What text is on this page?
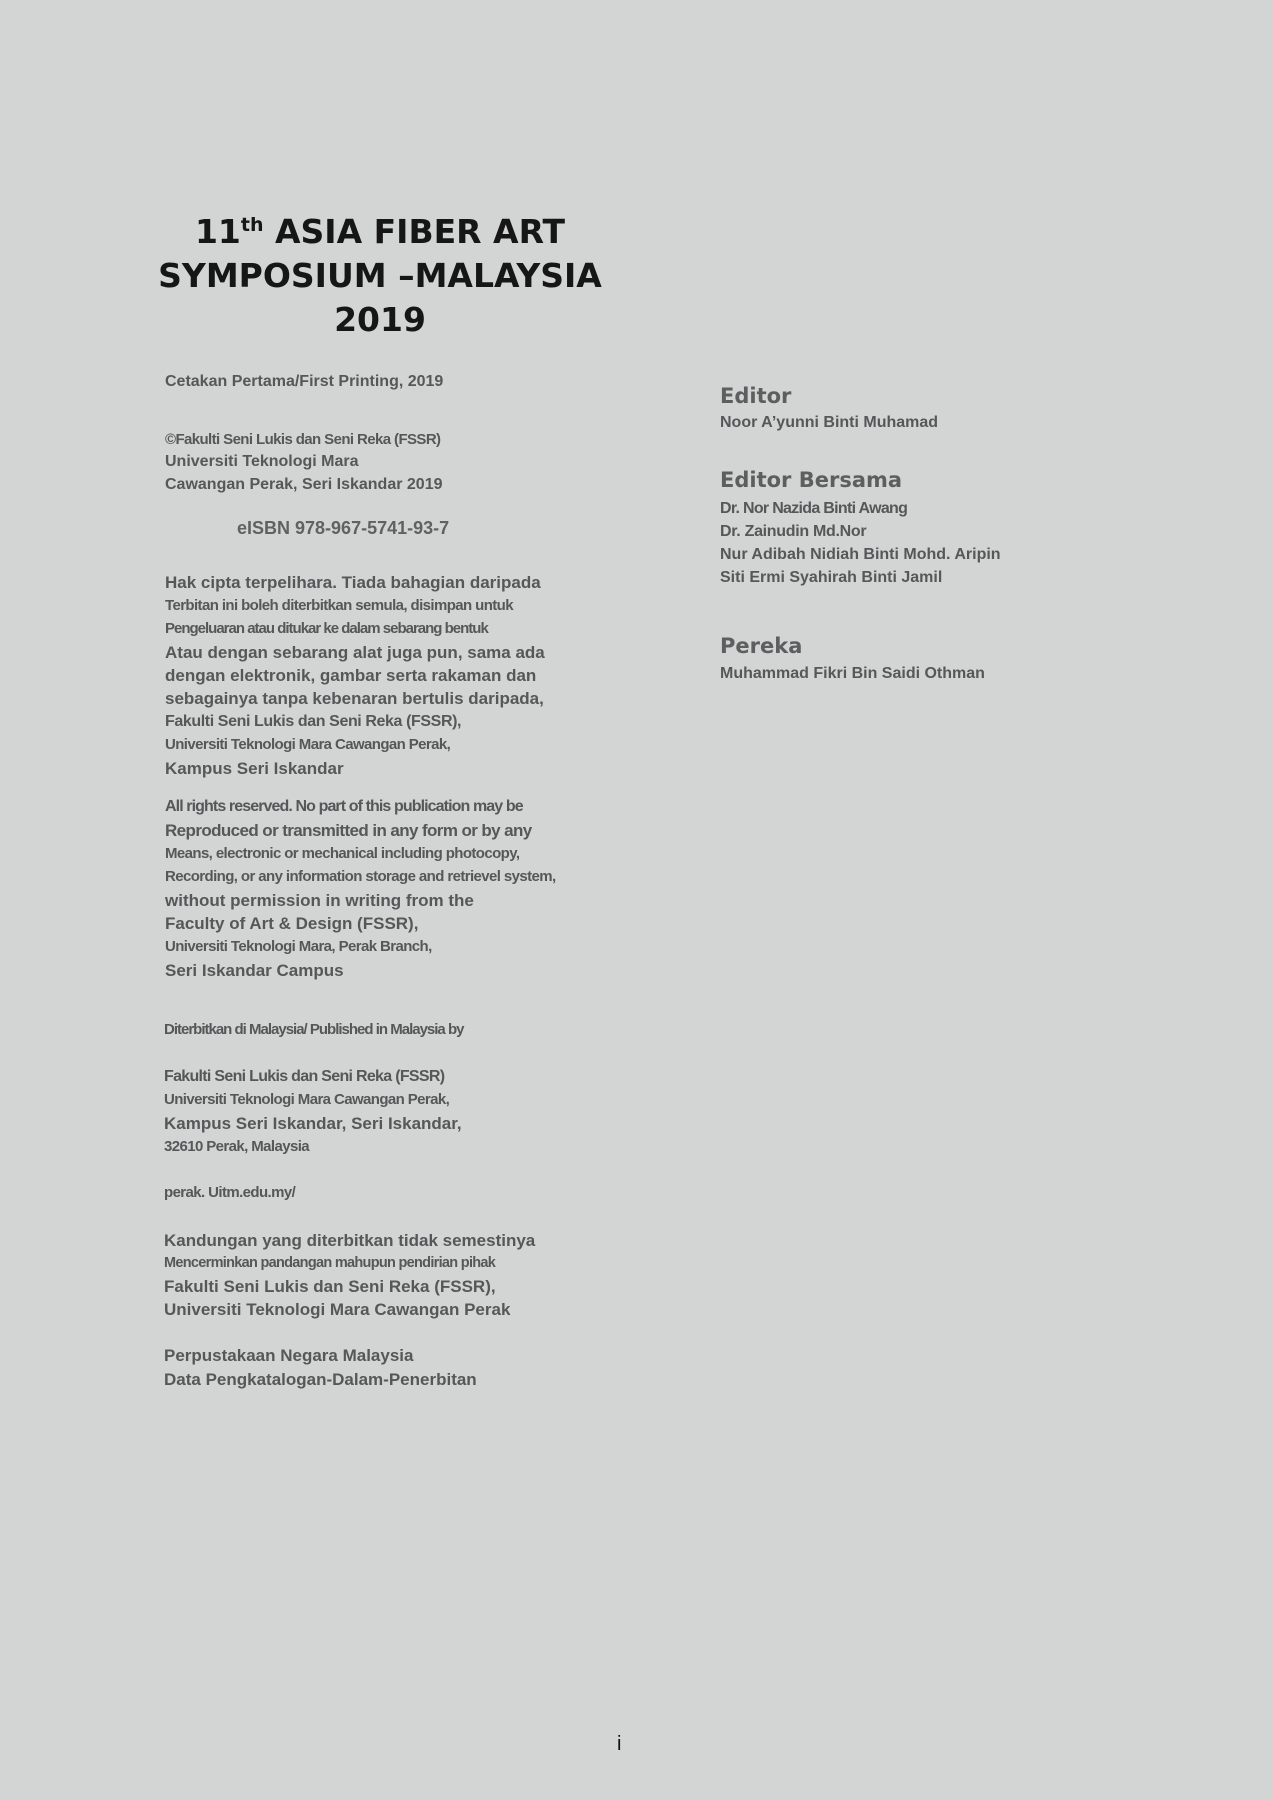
11th ASIA FIBER ART
SYMPOSIUM –MALAYSIA
2019
Cetakan Pertama/First Printing, 2019
©Fakulti Seni Lukis dan Seni Reka (FSSR)
Universiti Teknologi Mara
Cawangan Perak, Seri Iskandar 2019
eISBN 978-967-5741-93-7
Hak cipta terpelihara. Tiada bahagian daripada
Terbitan ini boleh diterbitkan semula, disimpan untuk
Pengeluaran atau ditukar ke dalam sebarang bentuk
Atau dengan sebarang alat juga pun, sama ada
dengan elektronik, gambar serta rakaman dan
sebagainya tanpa kebenaran bertulis daripada,
Fakulti Seni Lukis dan Seni Reka (FSSR),
Universiti Teknologi Mara Cawangan Perak,
Kampus Seri Iskandar
All rights reserved. No part of this publication may be
Reproduced or transmitted in any form or by any
Means, electronic or mechanical including photocopy,
Recording, or any information storage and retrievel system,
without permission in writing from the
Faculty of Art & Design (FSSR),
Universiti Teknologi Mara, Perak Branch,
Seri Iskandar Campus
Diterbitkan di Malaysia/ Published in Malaysia by
Fakulti Seni Lukis dan Seni Reka (FSSR)
Universiti Teknologi Mara Cawangan Perak,
Kampus Seri Iskandar, Seri Iskandar,
32610 Perak, Malaysia
perak. Uitm.edu.my/
Kandungan yang diterbitkan tidak semestinya
Mencerminkan pandangan mahupun pendirian pihak
Fakulti Seni Lukis dan Seni Reka (FSSR),
Universiti Teknologi Mara Cawangan Perak
Perpustakaan Negara Malaysia
Data Pengkatalogan-Dalam-Penerbitan
Editor
Noor A’yunni Binti Muhamad
Editor Bersama
Dr. Nor Nazida Binti Awang
Dr. Zainudin Md.Nor
Nur Adibah Nidiah Binti Mohd. Aripin
Siti Ermi Syahirah Binti Jamil
Pereka
Muhammad Fikri Bin Saidi Othman
i
